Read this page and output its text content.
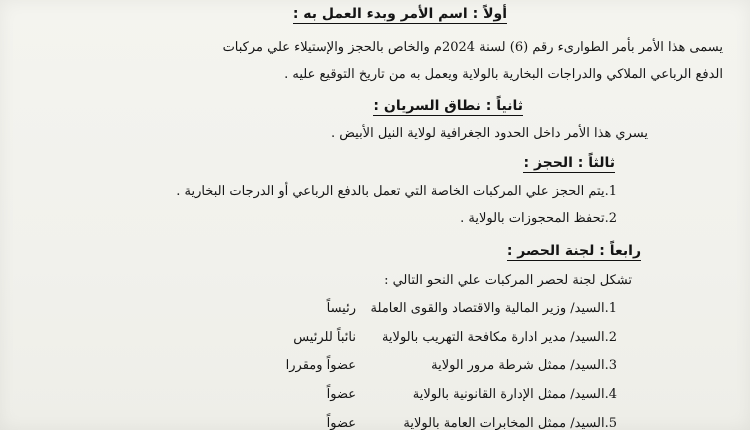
أولاً : اسم الأمر وبدء العمل به :
يسمى هذا الأمر بأمر الطوارىء رقم (6) لسنة 2024م والخاص بالحجز والإستيلاء علي مركبات
الدفع الرباعي الملاكي والدراجات البخارية بالولاية ويعمل به من تاريخ التوقيع عليه .
ثانياً : نطاق السريان :
يسري هذا الأمر داخل الحدود الجغرافية لولاية النيل الأبيض .
ثالثاً : الحجز :
1.يتم الحجز علي المركبات الخاصة التي تعمل بالدفع الرباعي أو الدرجات البخارية .
2.تحفظ المحجوزات بالولاية .
رابعاً : لجنة الحصر :
تشكل لجنة لحصر المركبات علي النحو التالي :
1.السيد/ وزير المالية والاقتصاد والقوى العاملة
رئيساً
2.السيد/ مدير ادارة مكافحة التهريب بالولاية
نائباً للرئيس
3.السيد/ ممثل شرطة مرور الولاية
عضواً ومقررا
4.السيد/ ممثل الإدارة القانونية بالولاية
عضواً
5.السيد/ ممثل المخابرات العامة بالولاية
عضواً
